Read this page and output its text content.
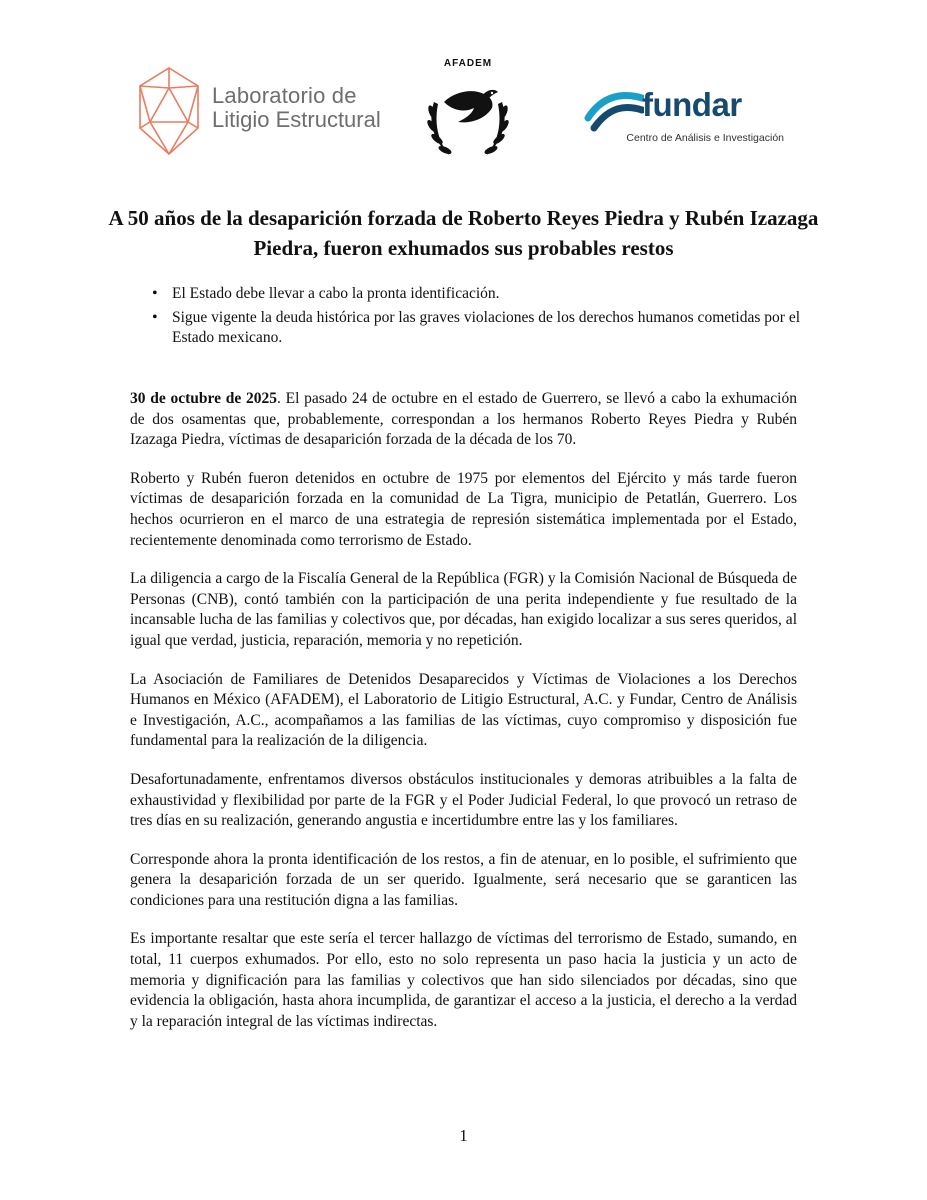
Laboratorio de
Litigio Estructural
AFADEM
fundar
Centro de Análisis e Investigación
A 50 años de la desaparición forzada de Roberto Reyes Piedra y Rubén Izazaga Piedra, fueron exhumados sus probables restos
• El Estado debe llevar a cabo la pronta identificación.
• Sigue vigente la deuda histórica por las graves violaciones de los derechos humanos cometidas por el Estado mexicano.

30 de octubre de 2025. El pasado 24 de octubre en el estado de Guerrero, se llevó a cabo la exhumación de dos osamentas que, probablemente, correspondan a los hermanos Roberto Reyes Piedra y Rubén Izazaga Piedra, víctimas de desaparición forzada de la década de los 70.

Roberto y Rubén fueron detenidos en octubre de 1975 por elementos del Ejército y más tarde fueron víctimas de desaparición forzada en la comunidad de La Tigra, municipio de Petatlán, Guerrero. Los hechos ocurrieron en el marco de una estrategia de represión sistemática implementada por el Estado, recientemente denominada como terrorismo de Estado.

La diligencia a cargo de la Fiscalía General de la República (FGR) y la Comisión Nacional de Búsqueda de Personas (CNB), contó también con la participación de una perita independiente y fue resultado de la incansable lucha de las familias y colectivos que, por décadas, han exigido localizar a sus seres queridos, al igual que verdad, justicia, reparación, memoria y no repetición.

La Asociación de Familiares de Detenidos Desaparecidos y Víctimas de Violaciones a los Derechos Humanos en México (AFADEM), el Laboratorio de Litigio Estructural, A.C. y Fundar, Centro de Análisis e Investigación, A.C., acompañamos a las familias de las víctimas, cuyo compromiso y disposición fue fundamental para la realización de la diligencia.

Desafortunadamente, enfrentamos diversos obstáculos institucionales y demoras atribuibles a la falta de exhaustividad y flexibilidad por parte de la FGR y el Poder Judicial Federal, lo que provocó un retraso de tres días en su realización, generando angustia e incertidumbre entre las y los familiares.

Corresponde ahora la pronta identificación de los restos, a fin de atenuar, en lo posible, el sufrimiento que genera la desaparición forzada de un ser querido. Igualmente, será necesario que se garanticen las condiciones para una restitución digna a las familias.

Es importante resaltar que este sería el tercer hallazgo de víctimas del terrorismo de Estado, sumando, en total, 11 cuerpos exhumados. Por ello, esto no solo representa un paso hacia la justicia y un acto de memoria y dignificación para las familias y colectivos que han sido silenciados por décadas, sino que evidencia la obligación, hasta ahora incumplida, de garantizar el acceso a la justicia, el derecho a la verdad y la reparación integral de las víctimas indirectas.

1
